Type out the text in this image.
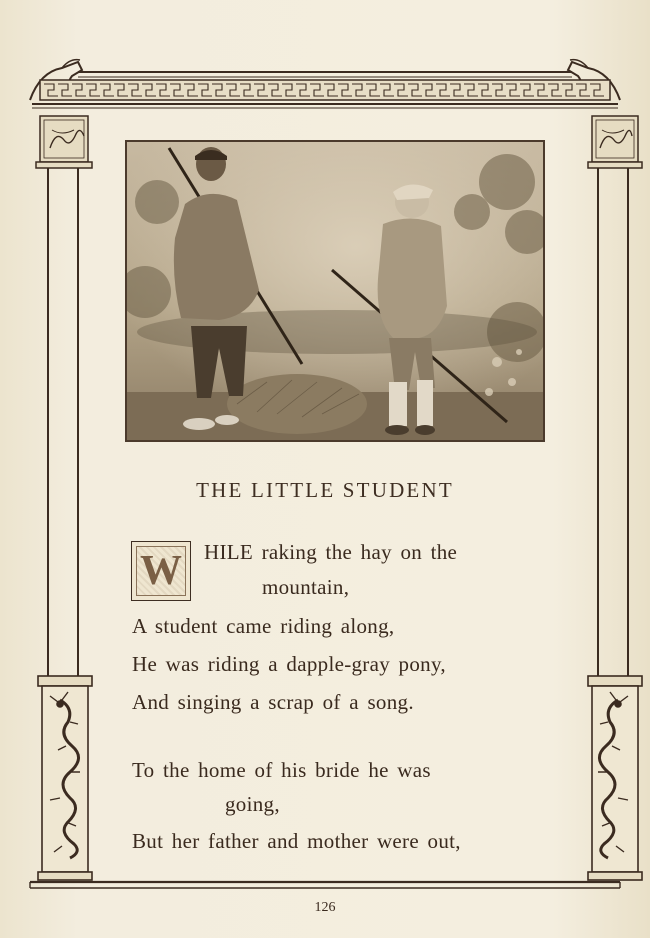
THE LITTLE STUDENT
W HILE raking the hay on the
mountain,
A student came riding along,
He was riding a dapple-gray pony,
And singing a scrap of a song.
To the home of his bride he was
going,
But her father and mother were out,
126
